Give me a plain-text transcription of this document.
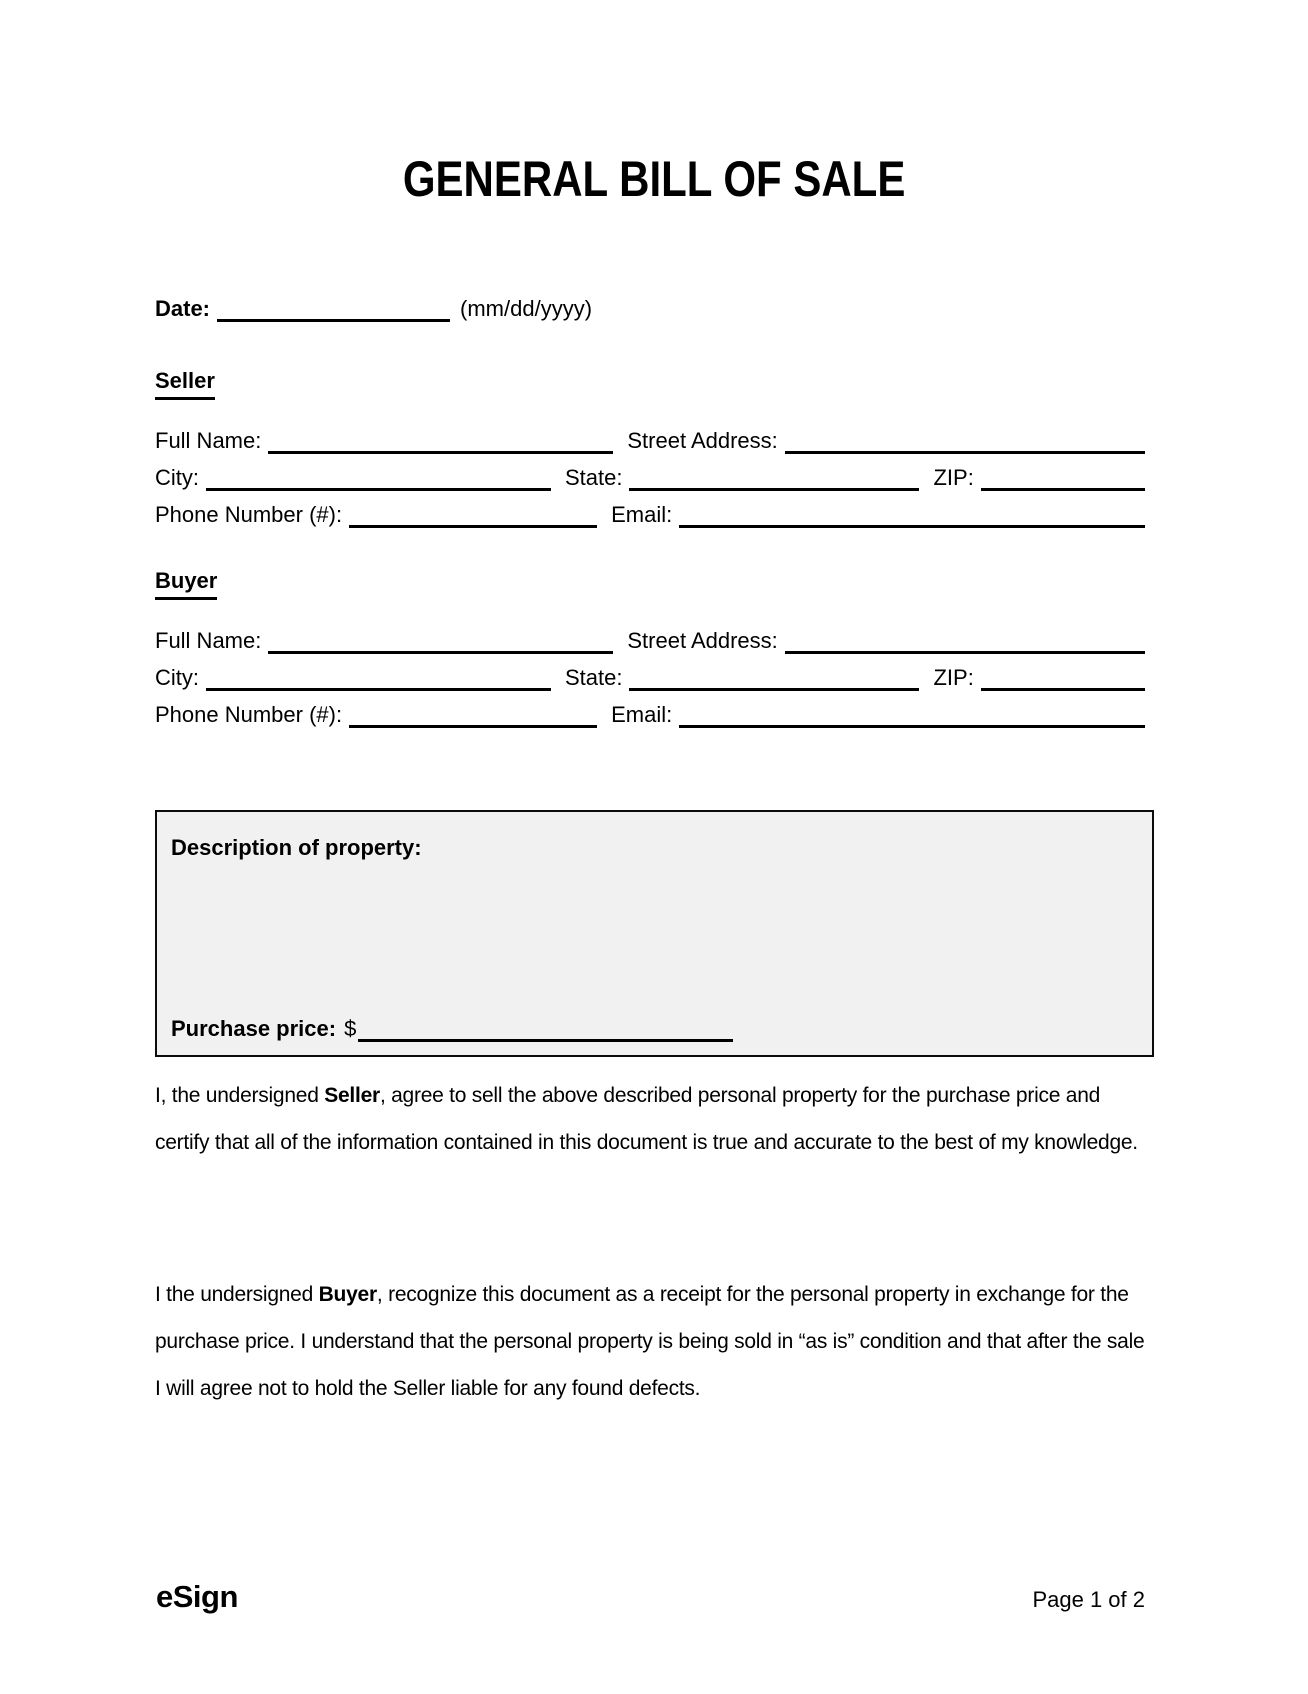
GENERAL BILL OF SALE
Date:	(mm/dd/yyyy)
Seller
Full Name:	Street Address:
City:	State:	ZIP:
Phone Number (#):	Email:
Buyer
Full Name:	Street Address:
City:	State:	ZIP:
Phone Number (#):	Email:
Description of property:
Purchase price: $

I, the undersigned Seller, agree to sell the above described personal property for the purchase price and certify that all of the information contained in this document is true and accurate to the best of my knowledge.

I the undersigned Buyer, recognize this document as a receipt for the personal property in exchange for the purchase price. I understand that the personal property is being sold in “as is” condition and that after the sale I will agree not to hold the Seller liable for any found defects.

eSign	Page 1 of 2
